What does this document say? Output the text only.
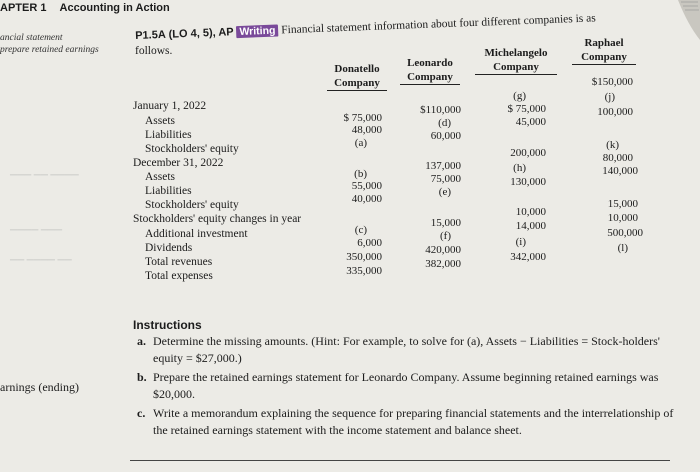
APTER 1 Accounting in Action
ancial statement
prepare retained earnings
arnings (ending)
─── ── ────
──── ───
── ──── ──
P1.5A (LO 4, 5), AP Writing Financial statement information about four different companies is as
follows.
Donatello
Company
Leonardo
Company
Michelangelo
Company
Raphael
Company
January 1, 2022
Assets
Liabilities
Stockholders' equity
December 31, 2022
Assets
Liabilities
Stockholders' equity
Stockholders' equity changes in year
Additional investment
Dividends
Total revenues
Total expenses
$ 75,000
48,000
(a)
(b)
55,000
40,000
(c)
6,000
350,000
335,000
$110,000
(d)
60,000
137,000
75,000
(e)
15,000
(f)
420,000
382,000
(g)
$ 75,000
45,000
200,000
(h)
130,000
10,000
14,000
(i)
342,000
$150,000
(j)
100,000
(k)
80,000
140,000
15,000
10,000
500,000
(l)
Instructions
a. Determine the missing amounts. (Hint: For example, to solve for (a), Assets − Liabilities = Stock-holders' equity = $27,000.)
b. Prepare the retained earnings statement for Leonardo Company. Assume beginning retained earnings was $20,000.
c. Write a memorandum explaining the sequence for preparing financial statements and the interrelationship of the retained earnings statement with the income statement and balance sheet.
